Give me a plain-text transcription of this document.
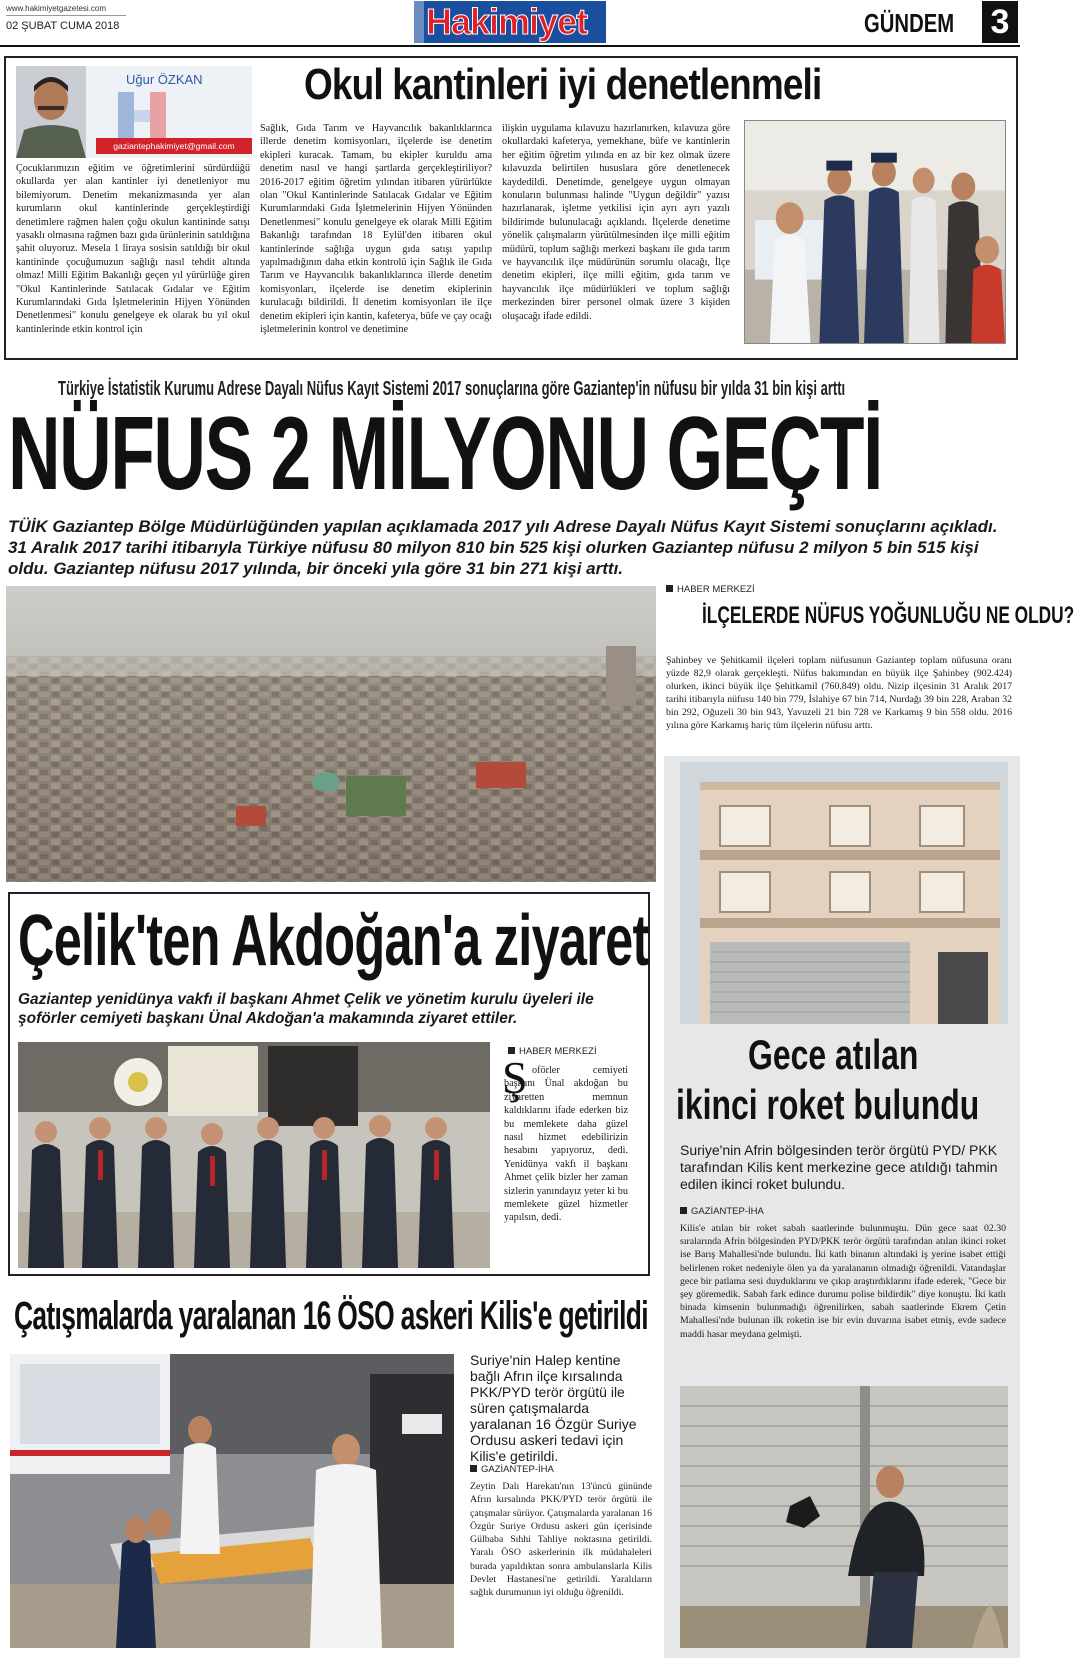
www.hakimiyetgazetesi.com
02 ŞUBAT CUMA 2018	Hakimiyet	GÜNDEM 3
Uğur ÖZKAN
gaziantephakimiyet@gmail.com
Okul kantinleri iyi denetlenmeli
Çocuklarımızın eğitim ve öğretimlerini sürdürdüğü okullarda yer alan kantinler iyi denetleniyor mu bilemiyorum. Denetim mekanizmasında yer alan kurumların okul kantinlerinde gerçekleştirdiği denetimlere rağmen halen çoğu okulun kantininde satışı yasaklı olmasına rağmen bazı gıda ürünlerinin satıldığına şahit oluyoruz. Mesela 1 liraya sosisin satıldığı bir okul kantininde çocuğumuzun sağlığı nasıl tehdit altında olmaz! Milli Eğitim Bakanlığı geçen yıl yürürlüğe giren "Okul Kantinlerinde Satılacak Gıdalar ve Eğitim Kurumlarındaki Gıda İşletmelerinin Hijyen Yönünden Denetlenmesi" konulu genelgeye ek olarak bu yıl okul kantinlerinde etkin kontrol için
Sağlık, Gıda Tarım ve Hayvancılık bakanlıklarınca illerde denetim komisyonları, ilçelerde ise denetim ekipleri kuracak. Tamam, bu ekipler kuruldu ama denetim nasıl ve hangi şartlarda gerçekleştiriliyor? 2016-2017 eğitim öğretim yılından itibaren yürürlükte olan "Okul Kantinlerinde Satılacak Gıdalar ve Eğitim Kurumlarındaki Gıda İşletmelerinin Hijyen Yönünden Denetlenmesi" konulu genelgeye ek olarak Milli Eğitim Bakanlığı tarafından 18 Eylül'den itibaren okul kantinlerinde sağlığa uygun gıda satışı yapılıp yapılmadığının daha etkin kontrolü için Sağlık ile Gıda Tarım ve Hayvancılık bakanlıklarınca illerde denetim komisyonları, ilçelerde ise denetim ekiplerinin kurulacağı bildirildi. İl denetim komisyonları ile ilçe denetim ekipleri için kantin, kafeterya, büfe ve çay ocağı işletmelerinin kontrol ve denetimine
ilişkin uygulama kılavuzu hazırlanırken, kılavuza göre okullardaki kafeterya, yemekhane, büfe ve kantinlerin her eğitim öğretim yılında en az bir kez olmak üzere kılavuzda belirtilen hususlara göre denetlenecek kaydedildi. Denetimde, genelgeye uygun olmayan konuların bulunması halinde "Uygun değildir" yazısı hazırlanarak, işletme yetkilisi için ayrı ayrı yazılı bildirimde bulunulacağı açıklandı. İlçelerde denetime yönelik çalışmaların yürütülmesinden ilçe milli eğitim müdürü, toplum sağlığı merkezi başkanı ile gıda tarım ve hayvancılık ilçe müdürünün sorumlu olacağı, İlçe denetim ekipleri, ilçe milli eğitim, gıda tarım ve hayvancılık ilçe müdürlükleri ve toplum sağlığı merkezinden birer personel olmak üzere 3 kişiden oluşacağı ifade edildi.
Türkiye İstatistik Kurumu Adrese Dayalı Nüfus Kayıt Sistemi 2017 sonuçlarına göre Gaziantep'in nüfusu bir yılda 31 bin kişi arttı
NÜFUS 2 MİLYONU GEÇTİ
TÜİK Gaziantep Bölge Müdürlüğünden yapılan açıklamada 2017 yılı Adrese Dayalı Nüfus Kayıt Sistemi sonuçlarını açıkladı. 31 Aralık 2017 tarihi itibarıyla Türkiye nüfusu 80 milyon 810 bin 525 kişi olurken Gaziantep nüfusu 2 milyon 5 bin 515 kişi oldu. Gaziantep nüfusu 2017 yılında, bir önceki yıla göre 31 bin 271 kişi arttı.
HABER MERKEZİ
İLÇELERDE NÜFUS YOĞUNLUĞU NE OLDU?
Şahinbey ve Şehitkamil ilçeleri toplam nüfusunun Gaziantep toplam nüfusuna oranı yüzde 82,9 olarak gerçekleşti. Nüfus bakımından en büyük ilçe Şahinbey (902.424) olurken, ikinci büyük ilçe Şehitkamil (760.849) oldu. Nizip ilçesinin 31 Aralık 2017 tarihi itibarıyla nüfusu 140 bin 779, İslahiye 67 bin 714, Nurdağı 39 bin 228, Araban 32 bin 292, Oğuzeli 30 bin 943, Yavuzeli 21 bin 728 ve Karkamış 9 bin 558 oldu. 2016 yılına göre Karkamış hariç tüm ilçelerin nüfusu arttı.
Çelik'ten Akdoğan'a ziyaret
Gaziantep yenidünya vakfı il başkanı Ahmet Çelik ve yönetim kurulu üyeleri ile şoförler cemiyeti başkanı Ünal Akdoğan'a makamında ziyaret ettiler.
HABER MERKEZİ
Ş oförler cemiyeti başkanı Ünal akdoğan bu ziyaretten memnun kaldıklarını ifade ederken biz bu memlekete daha güzel nasıl hizmet edebilirizin hesabını yapıyoruz, dedi. Yenidünya vakfı il başkanı Ahmet çelik bizler her zaman sizlerin yanındayız yeter ki bu memlekete güzel hizmetler yapılsın, dedi.
Gece atılan
ikinci roket bulundu
Suriye'nin Afrin bölgesinden terör örgütü PYD/ PKK tarafından Kilis kent merkezine gece atıldığı tahmin edilen ikinci roket bulundu.
GAZİANTEP-İHA
Kilis'e atılan bir roket sabah saatlerinde bulunmuştu. Dün gece saat 02.30 sıralarında Afrin bölgesinden PYD/PKK terör örgütü tarafından atılan ikinci roket ise Barış Mahallesi'nde bulundu. İki katlı binanın altındaki iş yerine isabet ettiği belirlenen roket nedeniyle ölen ya da yaralananın olmadığı öğrenildi. Vatandaşlar gece bir patlama sesi duyduklarını ve çıkıp araştırdıklarını ifade ederek, "Gece bir şey göremedik. Sabah fark edince durumu polise bildirdik" diye konuştu. İki katlı binada kimsenin bulunmadığı öğrenilirken, sabah saatlerinde Ekrem Çetin Mahallesi'nde bulunan ilk roketin ise bir evin duvarına isabet etmiş, evde sadece maddi hasar meydana gelmişti.
Çatışmalarda yaralanan 16 ÖSO askeri Kilis'e getirildi
Suriye'nin Halep kentine bağlı Afrın ilçe kırsalında PKK/PYD terör örgütü ile süren çatışmalarda yaralanan 16 Özgür Suriye Ordusu askeri tedavi için Kilis'e getirildi.
GAZİANTEP-İHA
Zeytin Dalı Harekatı'nın 13'üncü gününde Afrın kırsalında PKK/PYD terör örgütü ile çatışmalar sürüyor. Çatışmalarda yaralanan 16 Özgür Suriye Ordusu askeri gün içerisinde Gülbaba Sıhhi Tahliye noktasına getirildi. Yaralı ÖSO askerlerinin ilk müdahaleleri burada yapıldıktan sonra ambulanslarla Kilis Devlet Hastanesi'ne getirildi. Yaralıların sağlık durumunun iyi olduğu öğrenildi.
